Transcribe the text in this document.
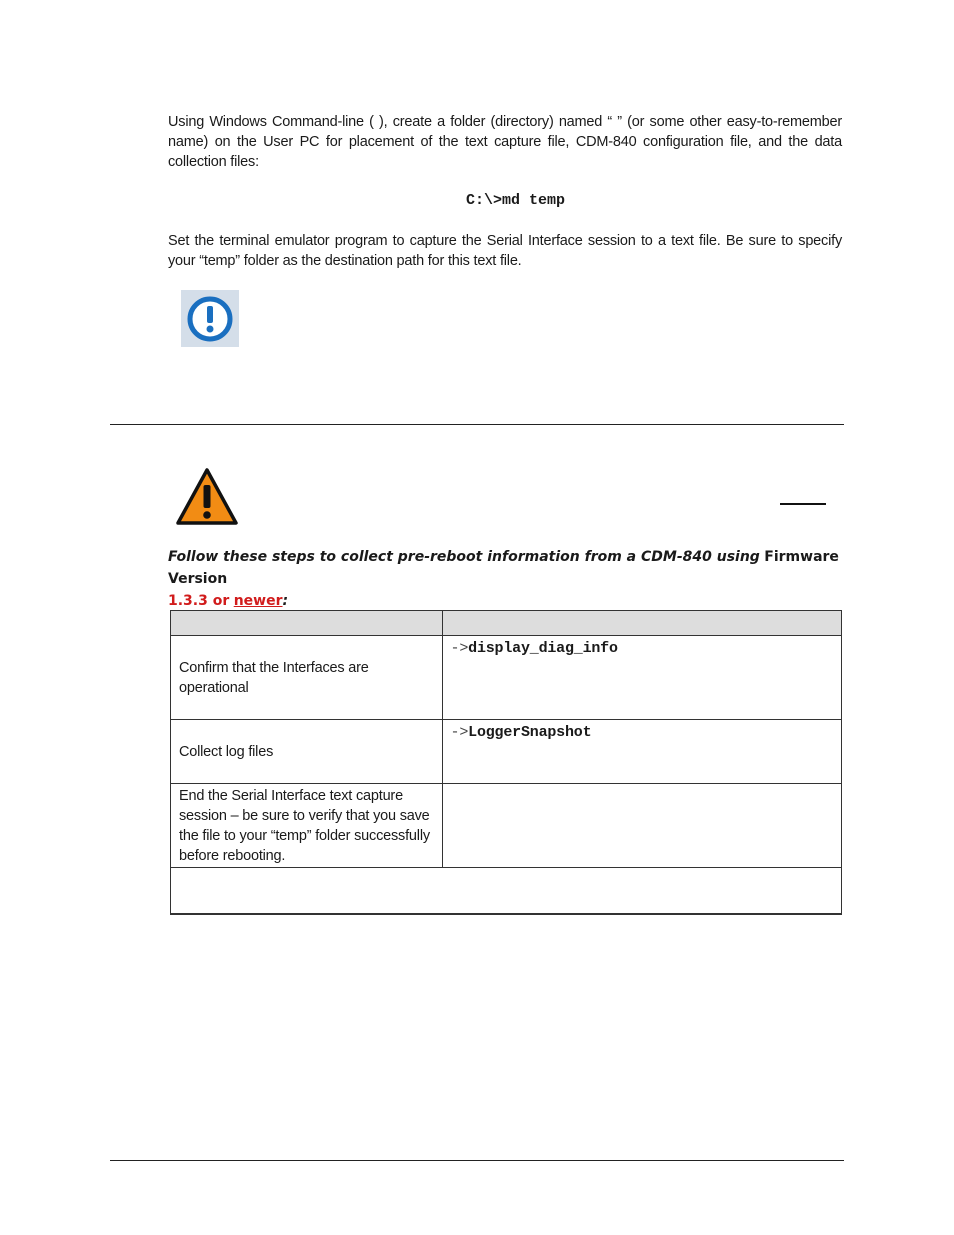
Using Windows Command-line ( ), create a folder (directory) named “ ” (or some other easy-to-remember name) on the User PC for placement of the text capture file, CDM-840 configuration file, and the data collection files:

C:\>md temp

Set the terminal emulator program to capture the Serial Interface session to a text file. Be sure to specify your “temp” folder as the destination path for this text file.

Follow these steps to collect pre-reboot information from a CDM-840 using Firmware Version
1.3.3 or newer:

Confirm that the Interfaces are operational	->display_diag_info
Collect log files	->LoggerSnapshot
End the Serial Interface text capture session – be sure to verify that you save the file to your “temp” folder successfully before rebooting.	
